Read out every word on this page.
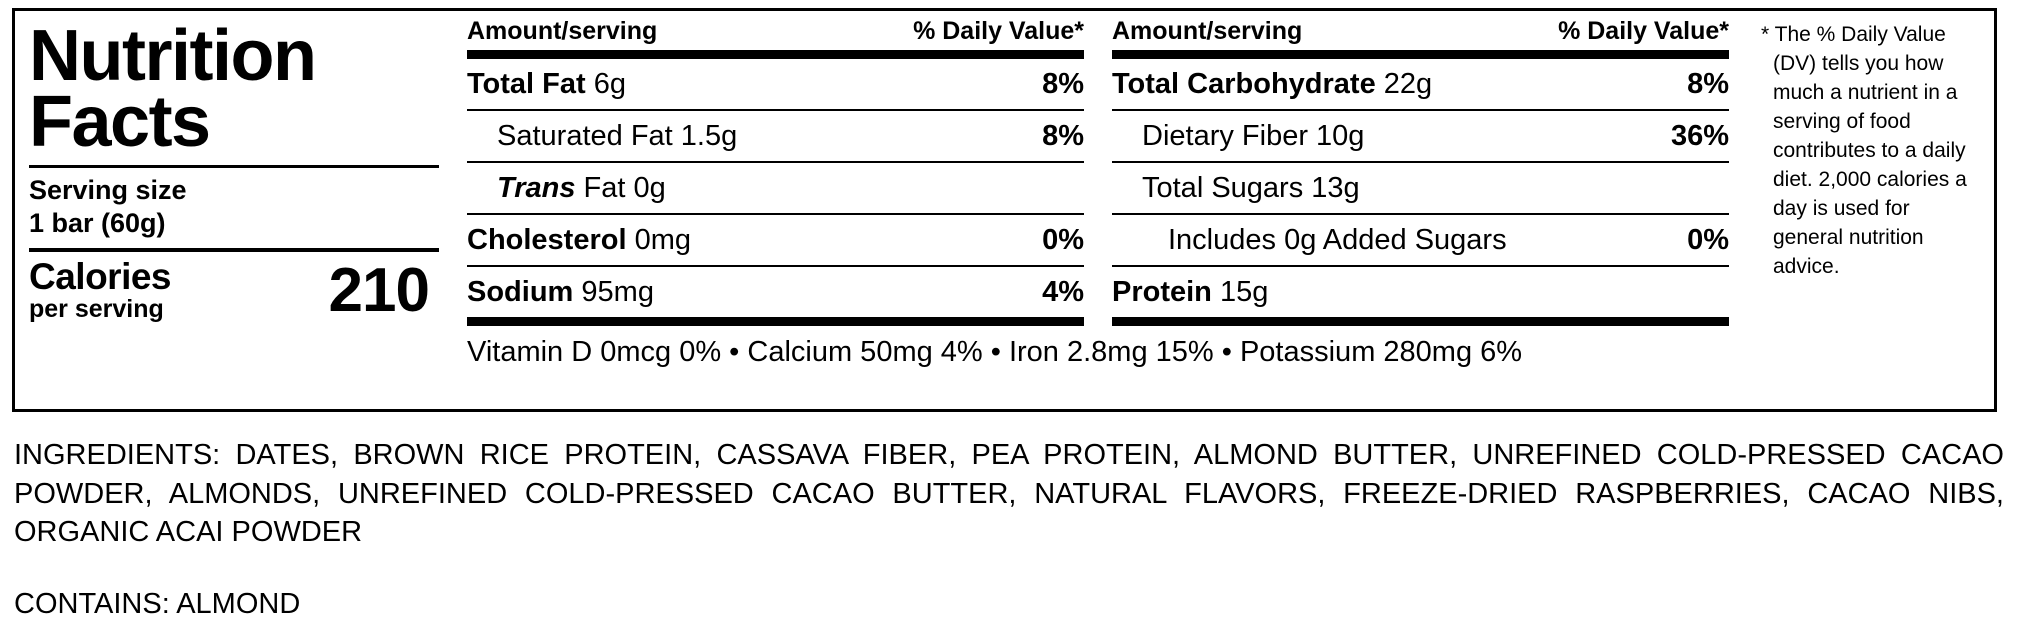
Nutrition Facts
Serving size
1 bar (60g)
Calories
per serving	210
Amount/serving	% Daily Value*
Total Fat 6g	8%
Saturated Fat 1.5g	8%
Trans Fat 0g
Cholesterol 0mg	0%
Sodium 95mg	4%
Amount/serving	% Daily Value*
Total Carbohydrate 22g	8%
Dietary Fiber 10g	36%
Total Sugars 13g
Includes 0g Added Sugars	0%
Protein 15g
Vitamin D 0mcg 0% • Calcium 50mg 4% • Iron 2.8mg 15% • Potassium 280mg 6%
* The % Daily Value (DV) tells you how much a nutrient in a serving of food contributes to a daily diet. 2,000 calories a day is used for general nutrition advice.
INGREDIENTS: DATES, BROWN RICE PROTEIN, CASSAVA FIBER, PEA PROTEIN, ALMOND BUTTER, UNREFINED COLD-PRESSED CACAO POWDER, ALMONDS, UNREFINED COLD-PRESSED CACAO BUTTER, NATURAL FLAVORS, FREEZE-DRIED RASPBERRIES, CACAO NIBS, ORGANIC ACAI POWDER
CONTAINS: ALMOND
